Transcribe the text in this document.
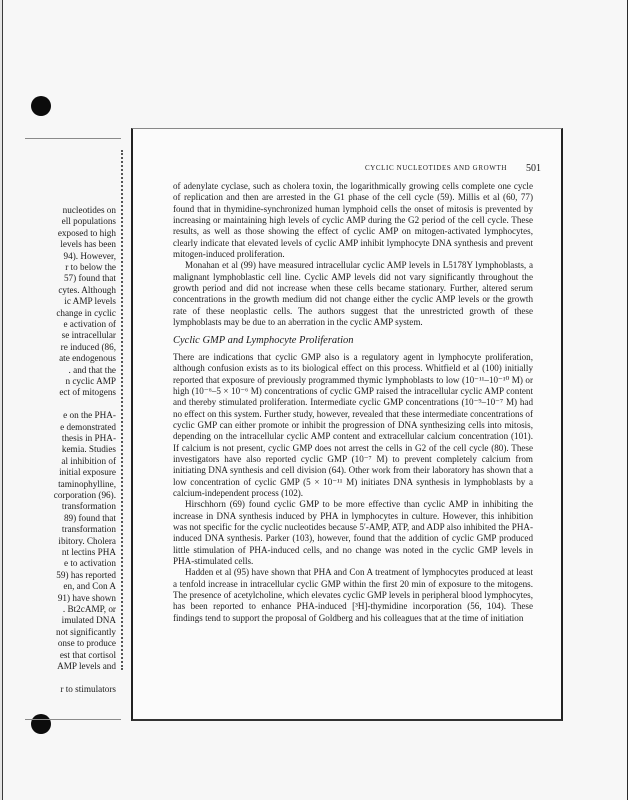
nucleotides on
ell populations
exposed to high
levels has been
94). However,
r to below the
57) found that
cytes. Although
ic AMP levels
change in cyclic
e activation of
se intracellular
re induced (86,
ate endogenous
. and that the
n cyclic AMP
ect of mitogens
e on the PHA-
e demonstrated
thesis in PHA-
kemia. Studies
al inhibition of
initial exposure
taminophylline,
corporation (96).
transformation
89) found that
transformation
ibitory. Cholera
nt lectins PHA
e to activation
59) has reported
en, and Con A
91) have shown
. Bt2cAMP, or
imulated DNA
not significantly
onse to produce
est that cortisol
AMP levels and
r to stimulators
CYCLIC NUCLEOTIDES AND GROWTH 501

of adenylate cyclase, such as cholera toxin, the logarithmically growing cells complete one cycle of replication and then are arrested in the G1 phase of the cell cycle (59). Millis et al (60, 77) found that in thymidine-synchronized human lymphoid cells the onset of mitosis is prevented by increasing or maintaining high levels of cyclic AMP during the G2 period of the cell cycle. These results, as well as those showing the effect of cyclic AMP on mitogen-activated lymphocytes, clearly indicate that elevated levels of cyclic AMP inhibit lymphocyte DNA synthesis and prevent mitogen-induced proliferation.

Monahan et al (99) have measured intracellular cyclic AMP levels in L5178Y lymphoblasts, a malignant lymphoblastic cell line. Cyclic AMP levels did not vary significantly throughout the growth period and did not increase when these cells became stationary. Further, altered serum concentrations in the growth medium did not change either the cyclic AMP levels or the growth rate of these neoplastic cells. The authors suggest that the unrestricted growth of these lymphoblasts may be due to an aberration in the cyclic AMP system.

Cyclic GMP and Lymphocyte Proliferation

There are indications that cyclic GMP also is a regulatory agent in lymphocyte proliferation, although confusion exists as to its biological effect on this process. Whitfield et al (100) initially reported that exposure of previously programmed thymic lymphoblasts to low (10⁻¹¹–10⁻¹⁰ M) or high (10⁻⁶–5 × 10⁻⁶ M) concentrations of cyclic GMP raised the intracellular cyclic AMP content and thereby stimulated proliferation. Intermediate cyclic GMP concentrations (10⁻⁹–10⁻⁷ M) had no effect on this system. Further study, however, revealed that these intermediate concentrations of cyclic GMP can either promote or inhibit the progression of DNA synthesizing cells into mitosis, depending on the intracellular cyclic AMP content and extracellular calcium concentration (101). If calcium is not present, cyclic GMP does not arrest the cells in G2 of the cell cycle (80). These investigators have also reported cyclic GMP (10⁻⁷ M) to prevent completely calcium from initiating DNA synthesis and cell division (64). Other work from their laboratory has shown that a low concentration of cyclic GMP (5 × 10⁻¹¹ M) initiates DNA synthesis in lymphoblasts by a calcium-independent process (102).

Hirschhorn (69) found cyclic GMP to be more effective than cyclic AMP in inhibiting the increase in DNA synthesis induced by PHA in lymphocytes in culture. However, this inhibition was not specific for the cyclic nucleotides because 5′-AMP, ATP, and ADP also inhibited the PHA-induced DNA synthesis. Parker (103), however, found that the addition of cyclic GMP produced little stimulation of PHA-induced cells, and no change was noted in the cyclic GMP levels in PHA-stimulated cells.

Hadden et al (95) have shown that PHA and Con A treatment of lymphocytes produced at least a tenfold increase in intracellular cyclic GMP within the first 20 min of exposure to the mitogens. The presence of acetylcholine, which elevates cyclic GMP levels in peripheral blood lymphocytes, has been reported to enhance PHA-induced [³H]-thymidine incorporation (56, 104). These findings tend to support the proposal of Goldberg and his colleagues that at the time of initiation
